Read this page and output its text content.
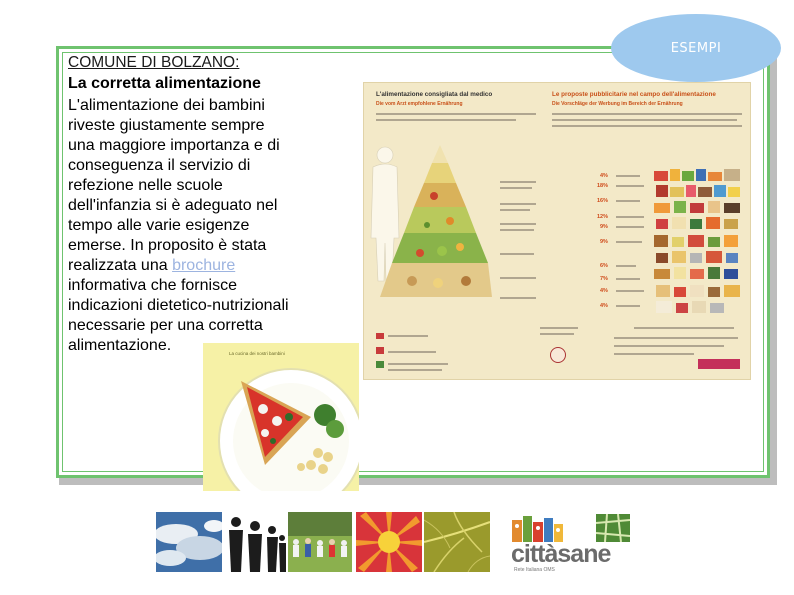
ESEMPI
COMUNE DI BOLZANO:
La corretta alimentazione
L'alimentazione dei bambini
riveste giustamente sempre
una maggiore importanza e di
conseguenza il servizio di
refezione nelle scuole
dell'infanzia si è adeguato nel
tempo alle varie esigenze
emerse. In proposito è stata
realizzata una brochure
informativa che fornisce
indicazioni dietetico-nutrizionali
necessarie per una corretta
alimentazione.
L'alimentazione consigliata dal medico	Le proposte pubblicitarie nel campo dell'alimentazione
Die Vorschläge der Werbung im Bereich der Ernährung
Die vom Arzt empfohlene Ernährung
4%
18%
16%
12%
9%
9%
6%
7%
4%
4%
La cucina dei nostri bambini
cittàsane
Rete Italiana OMS
